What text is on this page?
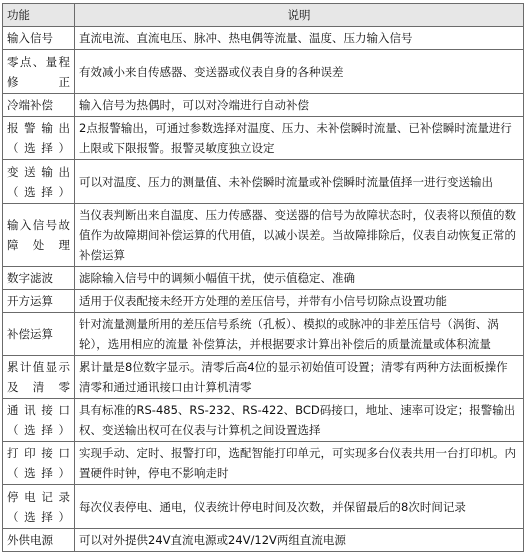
功能	说明
输入信号	直流电流、直流电压、脉冲、热电偶等流量、温度、压力输入信号
零点、量程修正	有效减小来自传感器、变送器或仪表自身的各种误差
冷端补偿	输入信号为热偶时，可以对冷端进行自动补偿
报警输出（选择）	2点报警输出，可通过参数选择对温度、压力、未补偿瞬时流量、已补偿瞬时流量进行上限或下限报警。报警灵敏度独立设定
变送输出（选择）	可以对温度、压力的测量值、未补偿瞬时流量或补偿瞬时流量值择一进行变送输出
输入信号故障处理	当仪表判断出来自温度、压力传感器、变送器的信号为故障状态时，仪表将以预值的数值作为故障期间补偿运算的代用值，以减小误差。当故障排除后，仪表自动恢复正常的补偿运算
数字滤波	滤除输入信号中的调频小幅值干扰，使示值稳定、准确
开方运算	适用于仪表配接未经开方处理的差压信号，并带有小信号切除点设置功能
补偿运算	针对流量测量所用的差压信号系统（孔板）、模拟的或脉冲的非差压信号（涡街、涡轮），选用相应的流量 补偿算法，并根据要求计算出补偿后的质量流量或体积流量
累计值显示及清零	累计量是8位数字显示。清零后高4位的显示初始值可设置；清零有两种方法面板操作清零和通过通讯接口由计算机清零
通讯接口（选择）	具有标准的RS-485、RS-232、RS-422、BCD码接口，地址、速率可设定；报警输出 权、变送输出权可在仪表与计算机之间设置选择
打印接口（选择）	实现手动、定时、报警打印，选配智能打印单元，可实现多台仪表共用一台打印机。内置硬件时钟，停电不影响走时
停电记录（选择）	每次仪表停电、通电，仪表统计停电时间及次数，并保留最后的8次时间记录
外供电源	可以对外提供24V直流电源或24V/12V两组直流电源
